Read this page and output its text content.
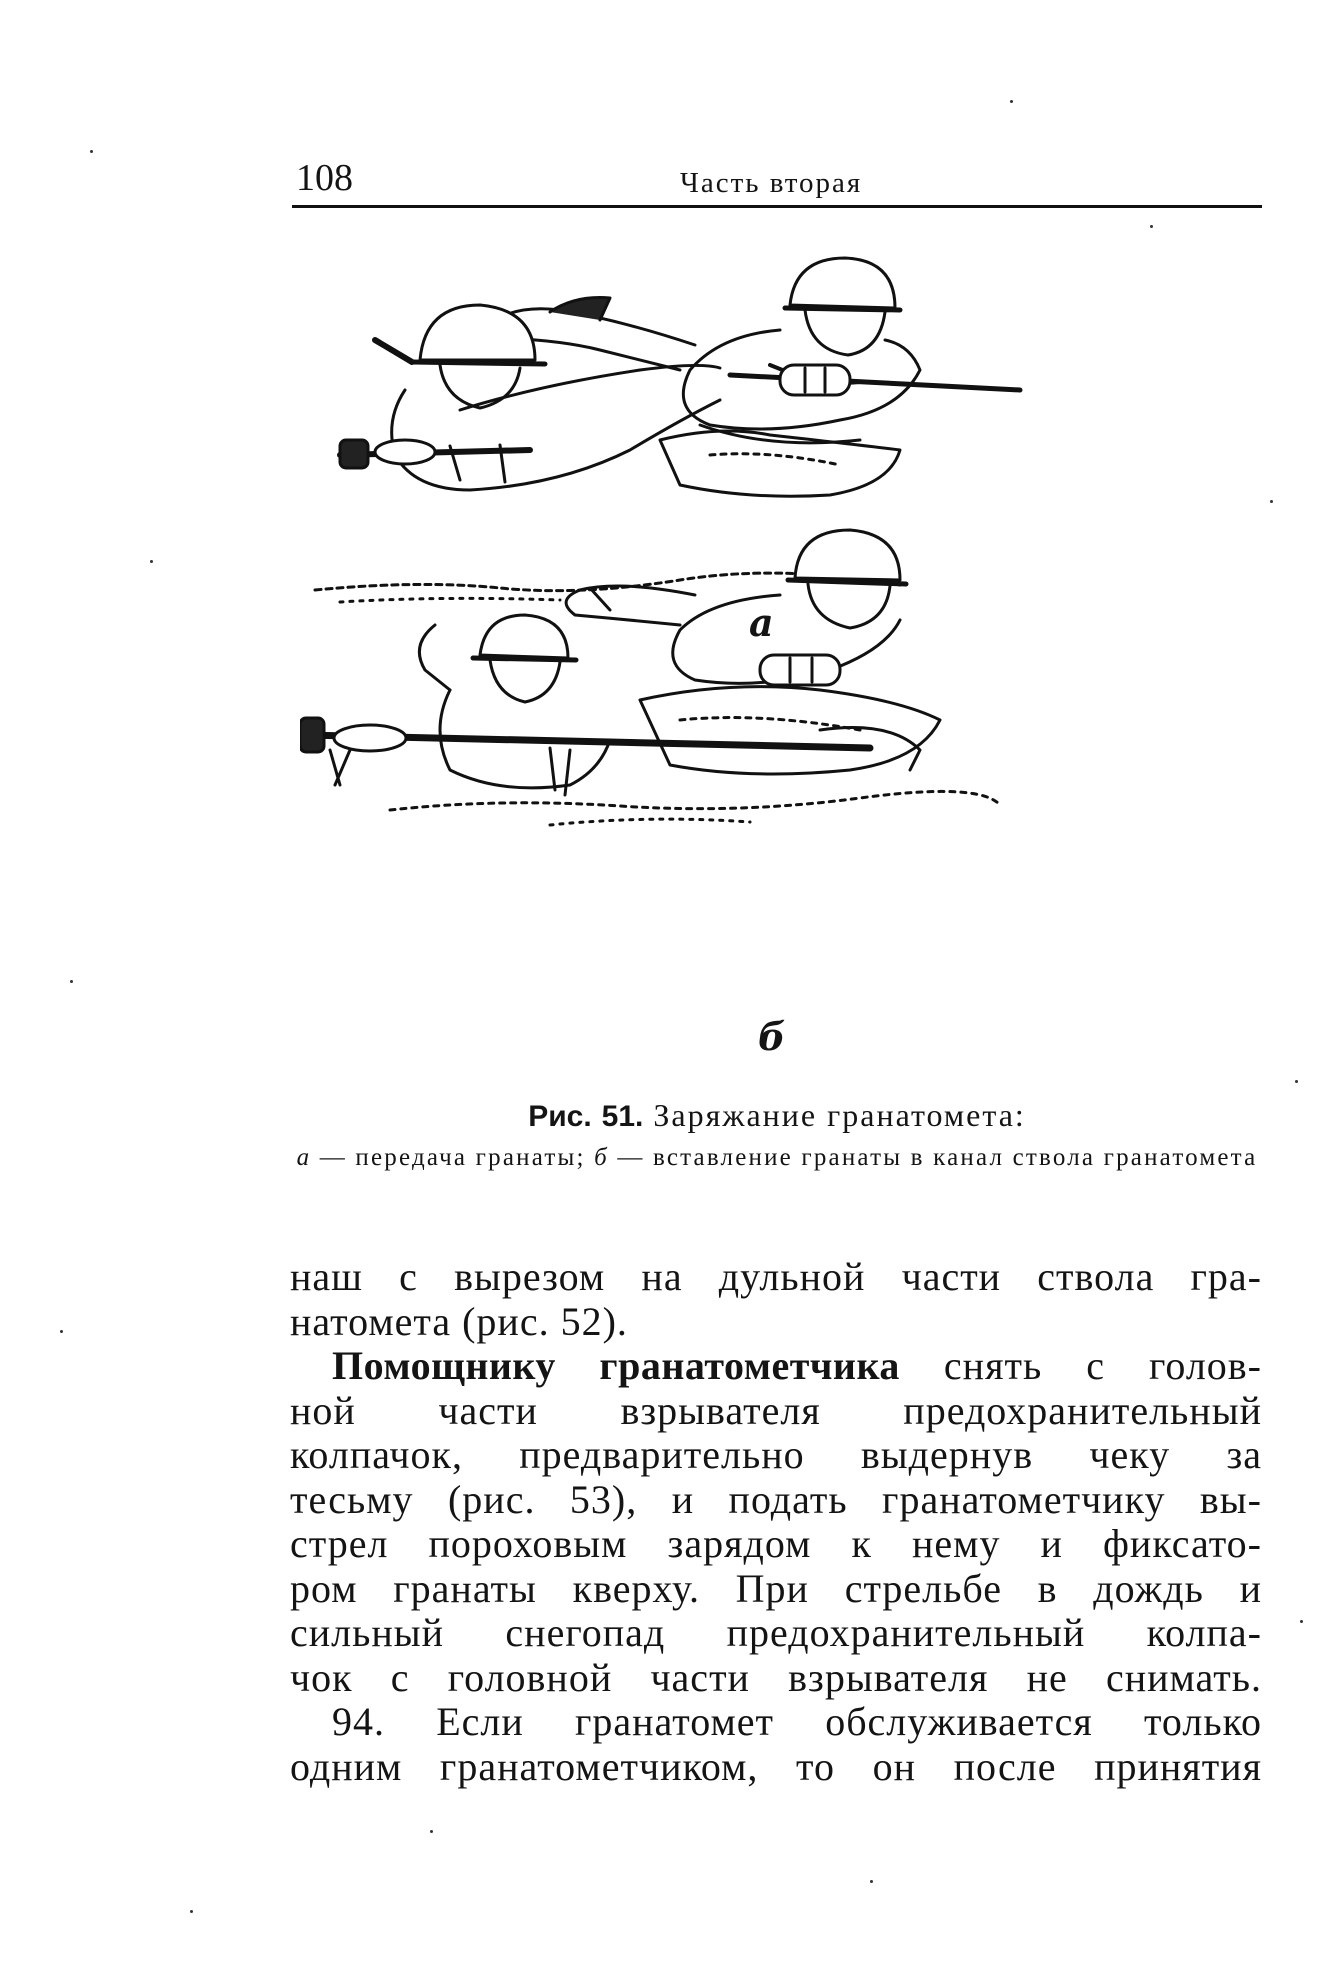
108	Часть вторая
а
б
Рис. 51. Заряжание гранатомета:
а — передача гранаты; б — вставление гранаты в канал ствола гранатомета
наш с вырезом на дульной части ствола гра-
натомета (рис. 52).
Помощнику гранатометчика снять с голов-
ной части взрывателя предохранительный
колпачок, предварительно выдернув чеку за
тесьму (рис. 53), и подать гранатометчику вы-
стрел пороховым зарядом к нему и фиксато-
ром гранаты кверху. При стрельбе в дождь и
сильный снегопад предохранительный колпа-
чок с головной части взрывателя не снимать.
94. Если гранатомет обслуживается только
одним гранатометчиком, то он после принятия
